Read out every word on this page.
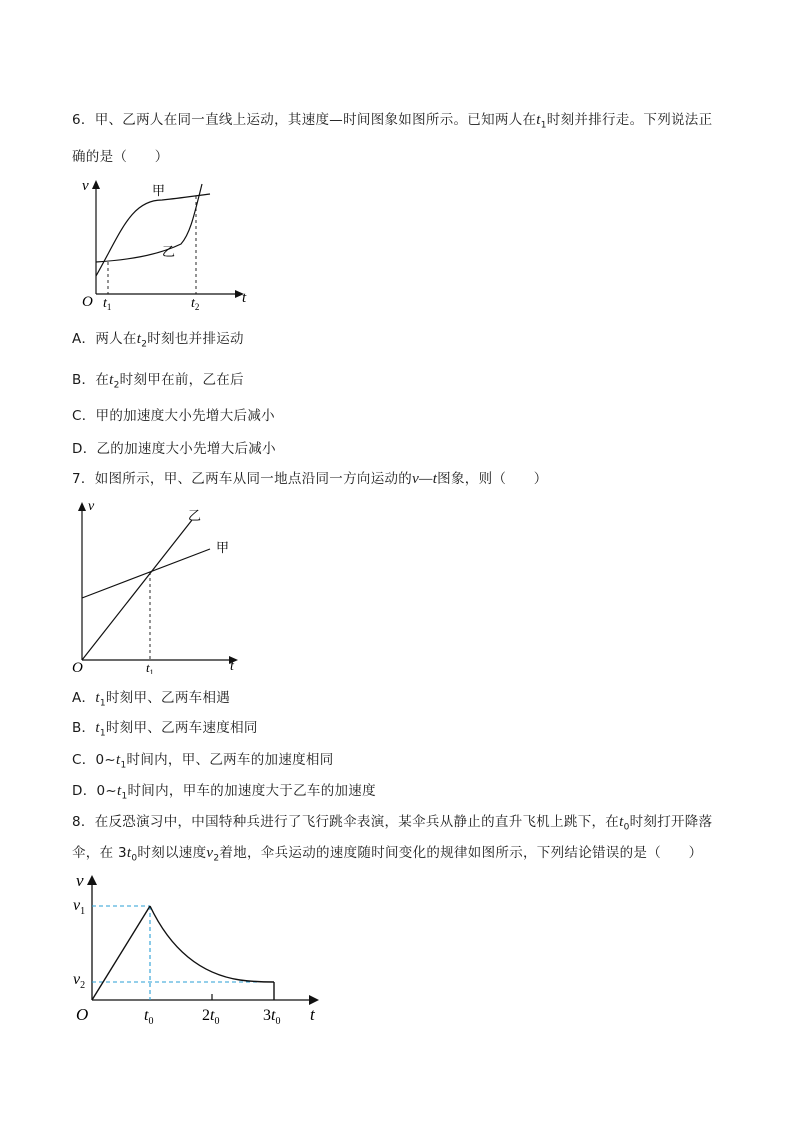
6．甲、乙两人在同一直线上运动，其速度—时间图象如图所示。已知两人在$t_1$时刻并排行走。下列说法正
确的是（　　）
v
t
O $t_1$	$t_2$
甲
乙
A．两人在$t_2$时刻也并排运动
B．在$t_2$时刻甲在前，乙在后
C．甲的加速度大小先增大后减小
D．乙的加速度大小先增大后减小
7．如图所示，甲、乙两车从同一地点沿同一方向运动的v—t图象，则（　　）
v
t
O	$t_1$
乙
甲
A．$t_1$时刻甲、乙两车相遇
B．$t_1$时刻甲、乙两车速度相同
C．$0\sim t_1$时间内，甲、乙两车的加速度相同
D．$0\sim t_1$时间内，甲车的加速度大于乙车的加速度
8．在反恐演习中，中国特种兵进行了飞行跳伞表演，某伞兵从静止的直升飞机上跳下，在$t_0$时刻打开降落
伞，在 $3t_0$时刻以速度$v_2$着地，伞兵运动的速度随时间变化的规律如图所示，下列结论错误的是（　　）
v
t
O
$v_1$
$v_2$
$t_0$	$2t_0$	$3t_0$
